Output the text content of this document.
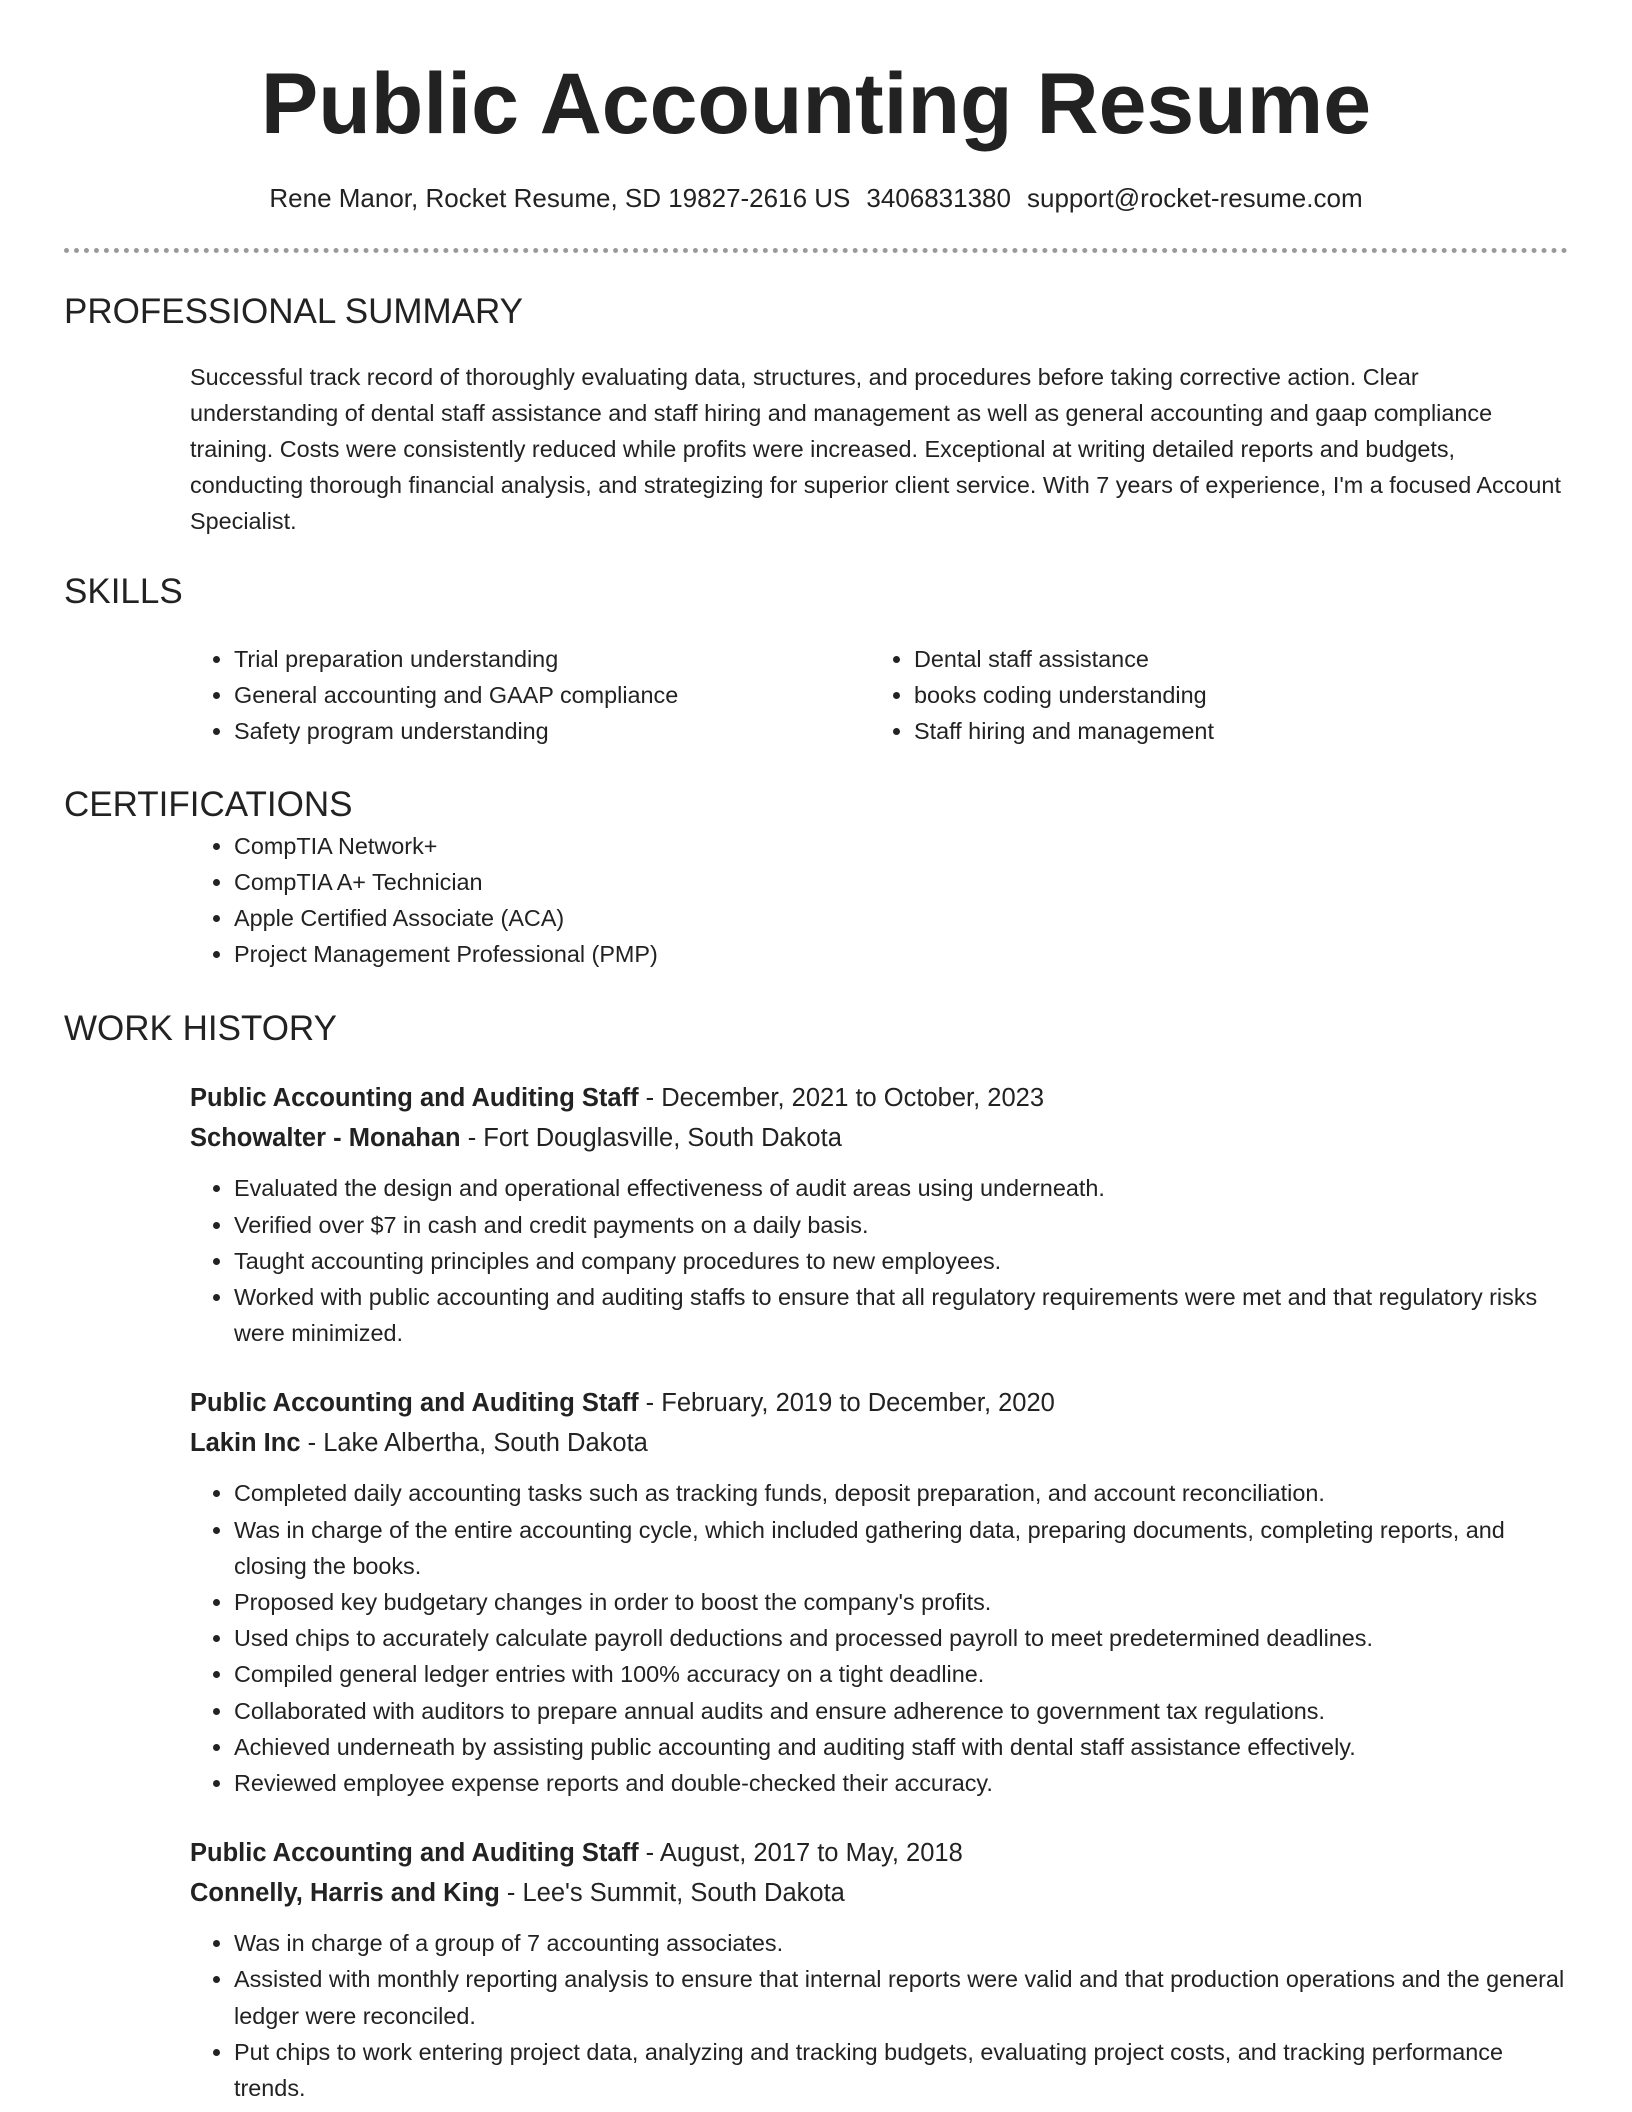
Public Accounting Resume
Rene Manor, Rocket Resume, SD 19827-2616 US 3406831380 support@rocket-resume.com
PROFESSIONAL SUMMARY

Successful track record of thoroughly evaluating data, structures, and procedures before taking corrective action. Clear understanding of dental staff assistance and staff hiring and management as well as general accounting and gaap compliance training. Costs were consistently reduced while profits were increased. Exceptional at writing detailed reports and budgets, conducting thorough financial analysis, and strategizing for superior client service. With 7 years of experience, I'm a focused Account Specialist.

SKILLS
• Trial preparation understanding
• General accounting and GAAP compliance
• Safety program understanding
• Dental staff assistance
• books coding understanding
• Staff hiring and management
CERTIFICATIONS
• CompTIA Network+
• CompTIA A+ Technician
• Apple Certified Associate (ACA)
• Project Management Professional (PMP)
WORK HISTORY
Public Accounting and Auditing Staff - December, 2021 to October, 2023
Schowalter - Monahan - Fort Douglasville, South Dakota
• Evaluated the design and operational effectiveness of audit areas using underneath.
• Verified over $7 in cash and credit payments on a daily basis.
• Taught accounting principles and company procedures to new employees.
• Worked with public accounting and auditing staffs to ensure that all regulatory requirements were met and that regulatory risks were minimized.
Public Accounting and Auditing Staff - February, 2019 to December, 2020
Lakin Inc - Lake Albertha, South Dakota
• Completed daily accounting tasks such as tracking funds, deposit preparation, and account reconciliation.
• Was in charge of the entire accounting cycle, which included gathering data, preparing documents, completing reports, and closing the books.
• Proposed key budgetary changes in order to boost the company's profits.
• Used chips to accurately calculate payroll deductions and processed payroll to meet predetermined deadlines.
• Compiled general ledger entries with 100% accuracy on a tight deadline.
• Collaborated with auditors to prepare annual audits and ensure adherence to government tax regulations.
• Achieved underneath by assisting public accounting and auditing staff with dental staff assistance effectively.
• Reviewed employee expense reports and double-checked their accuracy.
Public Accounting and Auditing Staff - August, 2017 to May, 2018
Connelly, Harris and King - Lee's Summit, South Dakota
• Was in charge of a group of 7 accounting associates.
• Assisted with monthly reporting analysis to ensure that internal reports were valid and that production operations and the general ledger were reconciled.
• Put chips to work entering project data, analyzing and tracking budgets, evaluating project costs, and tracking performance trends.
